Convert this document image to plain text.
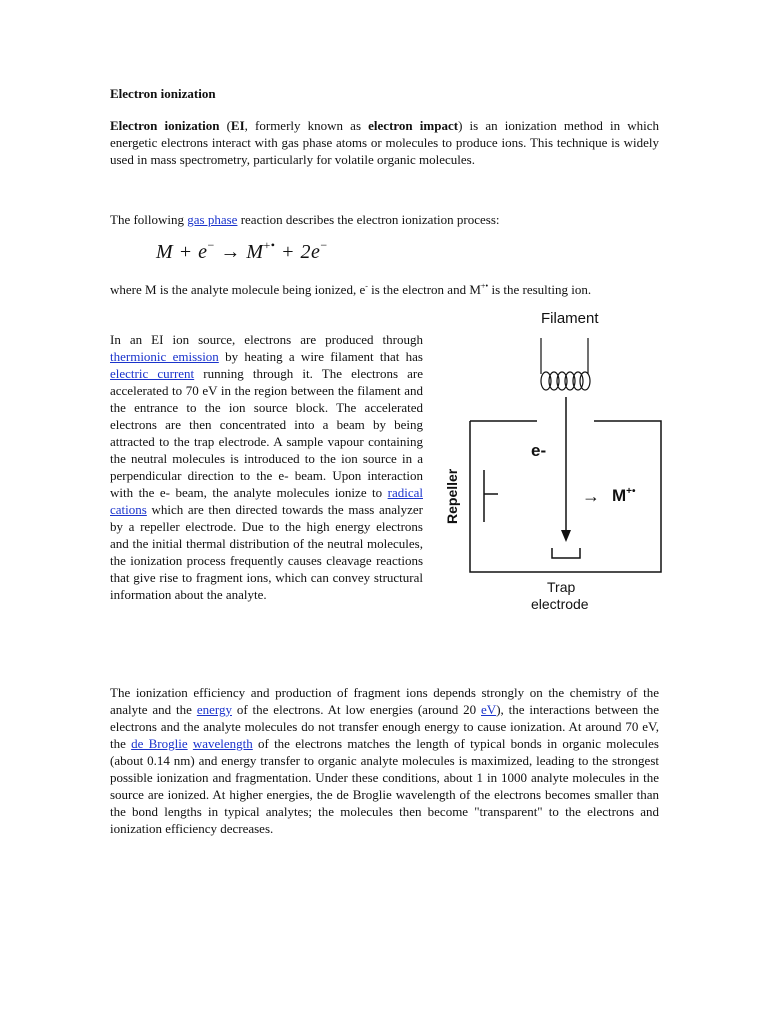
Electron ionization

Electron ionization (EI, formerly known as electron impact) is an ionization method in which energetic electrons interact with gas phase atoms or molecules to produce ions. This technique is widely used in mass spectrometry, particularly for volatile organic molecules.

The following gas phase reaction describes the electron ionization process:

M + e− → M+• + 2e−

where M is the analyte molecule being ionized, e- is the electron and M+• is the resulting ion.

In an EI ion source, electrons are produced through thermionic emission by heating a wire filament that has electric current running through it. The electrons are accelerated to 70 eV in the region between the filament and the entrance to the ion source block. The accelerated electrons are then concentrated into a beam by being attracted to the trap electrode. A sample vapour containing the neutral molecules is introduced to the ion source in a perpendicular direction to the e- beam. Upon interaction with the e- beam, the analyte molecules ionize to radical cations which are then directed towards the mass analyzer by a repeller electrode. Due to the high energy electrons and the initial thermal distribution of the neutral molecules, the ionization process frequently causes cleavage reactions that give rise to fragment ions, which can convey structural information about the analyte.

The ionization efficiency and production of fragment ions depends strongly on the chemistry of the analyte and the energy of the electrons. At low energies (around 20 eV), the interactions between the electrons and the analyte molecules do not transfer enough energy to cause ionization. At around 70 eV, the de Broglie wavelength of the electrons matches the length of typical bonds in organic molecules (about 0.14 nm) and energy transfer to organic analyte molecules is maximized, leading to the strongest possible ionization and fragmentation. Under these conditions, about 1 in 1000 analyte molecules in the source are ionized. At higher energies, the de Broglie wavelength of the electrons becomes smaller than the bond lengths in typical analytes; the molecules then become "transparent" to the electrons and ionization efficiency decreases.

Filament
e-
Repeller	→ M+•
Trap
electrode
